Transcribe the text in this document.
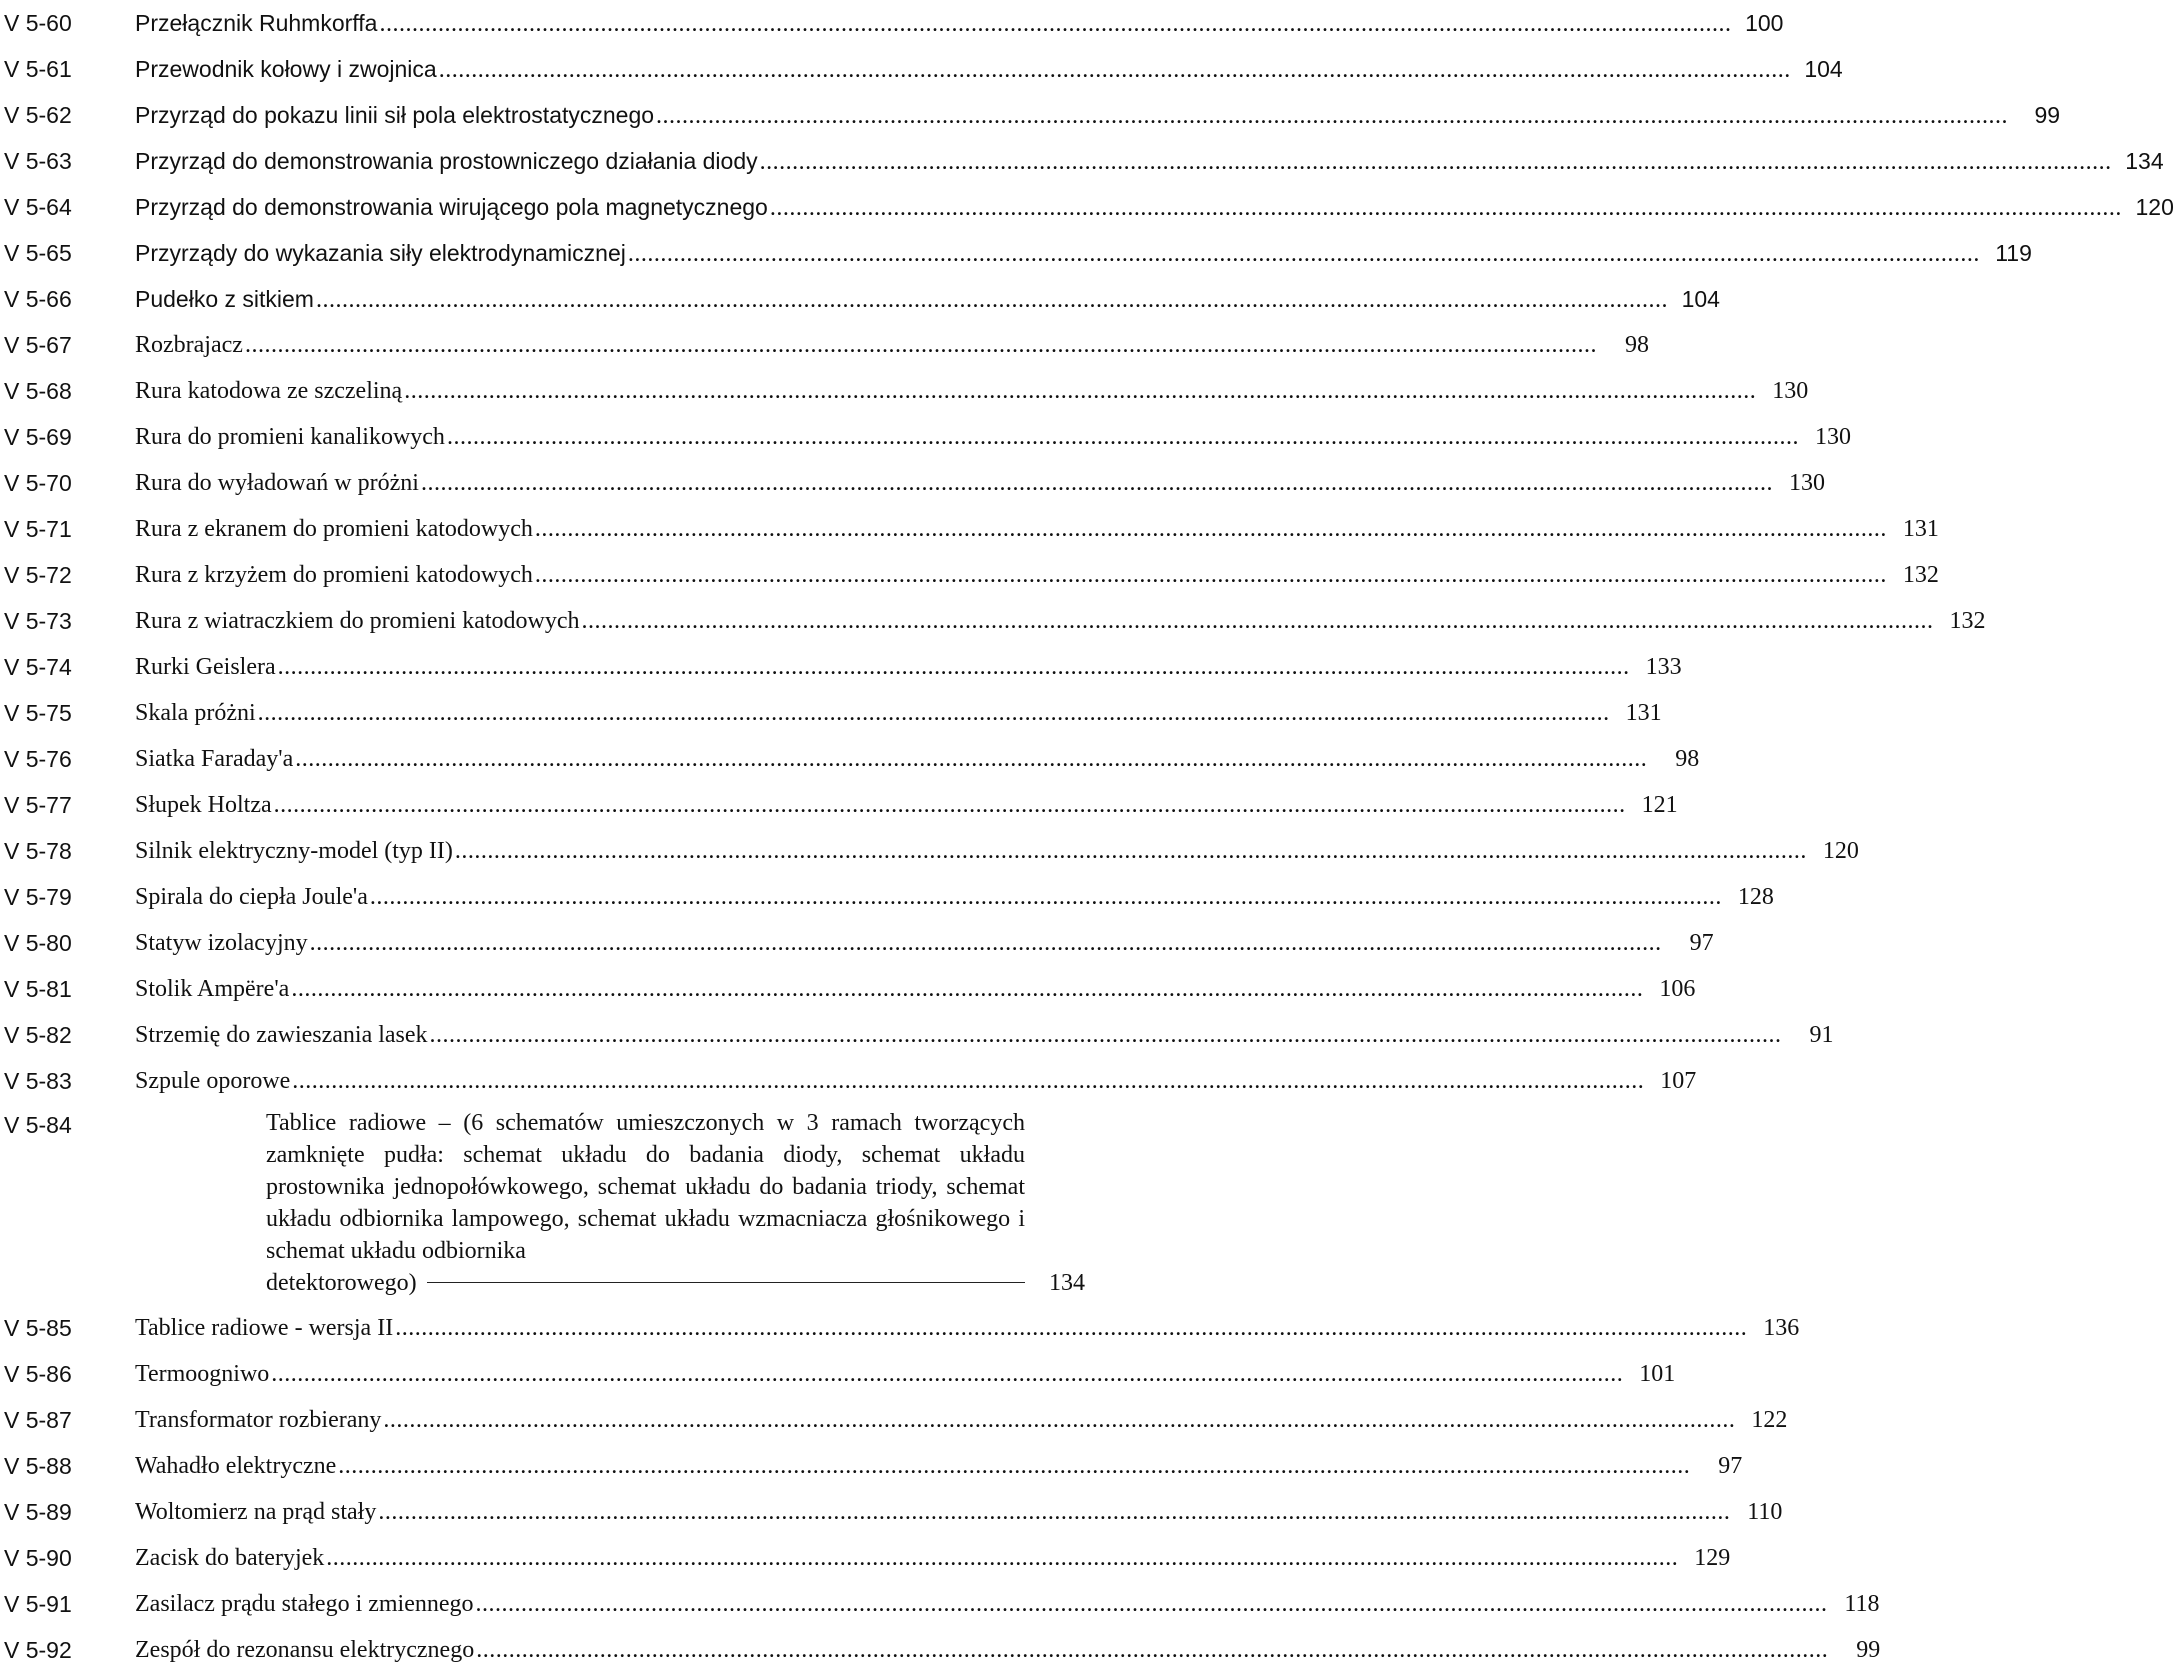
V 5-60	Przełącznik Ruhmkorffa .....	100
V 5-61	Przewodnik kołowy i zwojnica .....	104
V 5-62	Przyrząd do pokazu linii sił pola elektrostatycznego .....	99
V 5-63	Przyrząd do demonstrowania prostowniczego działania diody .....	134
V 5-64	Przyrząd do demonstrowania wirującego pola magnetycznego .....	120
V 5-65	Przyrządy do wykazania siły elektrodynamicznej .....	119
V 5-66	Pudełko z sitkiem .....	104
V 5-67	Rozbrajacz .....	98
V 5-68	Rura katodowa ze szczeliną .....	130
V 5-69	Rura do promieni kanalikowych .....	130
V 5-70	Rura do wyładowań w próżni .....	130
V 5-71	Rura z ekranem do promieni katodowych .....	131
V 5-72	Rura z krzyżem do promieni katodowych .....	132
V 5-73	Rura z wiatraczkiem do promieni katodowych .....	132
V 5-74	Rurki Geislera .....	133
V 5-75	Skala próżni .....	131
V 5-76	Siatka Faraday'a .....	98
V 5-77	Słupek Holtza .....	121
V 5-78	Silnik elektryczny-model (typ II) .....	120
V 5-79	Spirala do ciepła Joule'a .....	128
V 5-80	Statyw izolacyjny .....	97
V 5-81	Stolik Ampëre'a .....	106
V 5-82	Strzemię do zawieszania lasek .....	91
V 5-83	Szpule oporowe .....	107
V 5-84	Tablice radiowe – (6 schematów umieszczonych w 3 ramach tworzących zamknięte pudła: schemat układu do badania diody, schemat układu prostownika jednopołówkowego, schemat układu do badania triody, schemat układu odbiornika lampowego, schemat układu wzmacniacza głośnikowego i schemat układu odbiornika
detektorowego)	134
V 5-85	Tablice radiowe - wersja II .....	136
V 5-86	Termoogniwo .....	101
V 5-87	Transformator rozbierany .....	122
V 5-88	Wahadło elektryczne .....	97
V 5-89	Woltomierz na prąd stały .....	110
V 5-90	Zacisk do bateryjek .....	129
V 5-91	Zasilacz prądu stałego i zmiennego .....	118
V 5-92	Zespół do rezonansu elektrycznego .....	99
